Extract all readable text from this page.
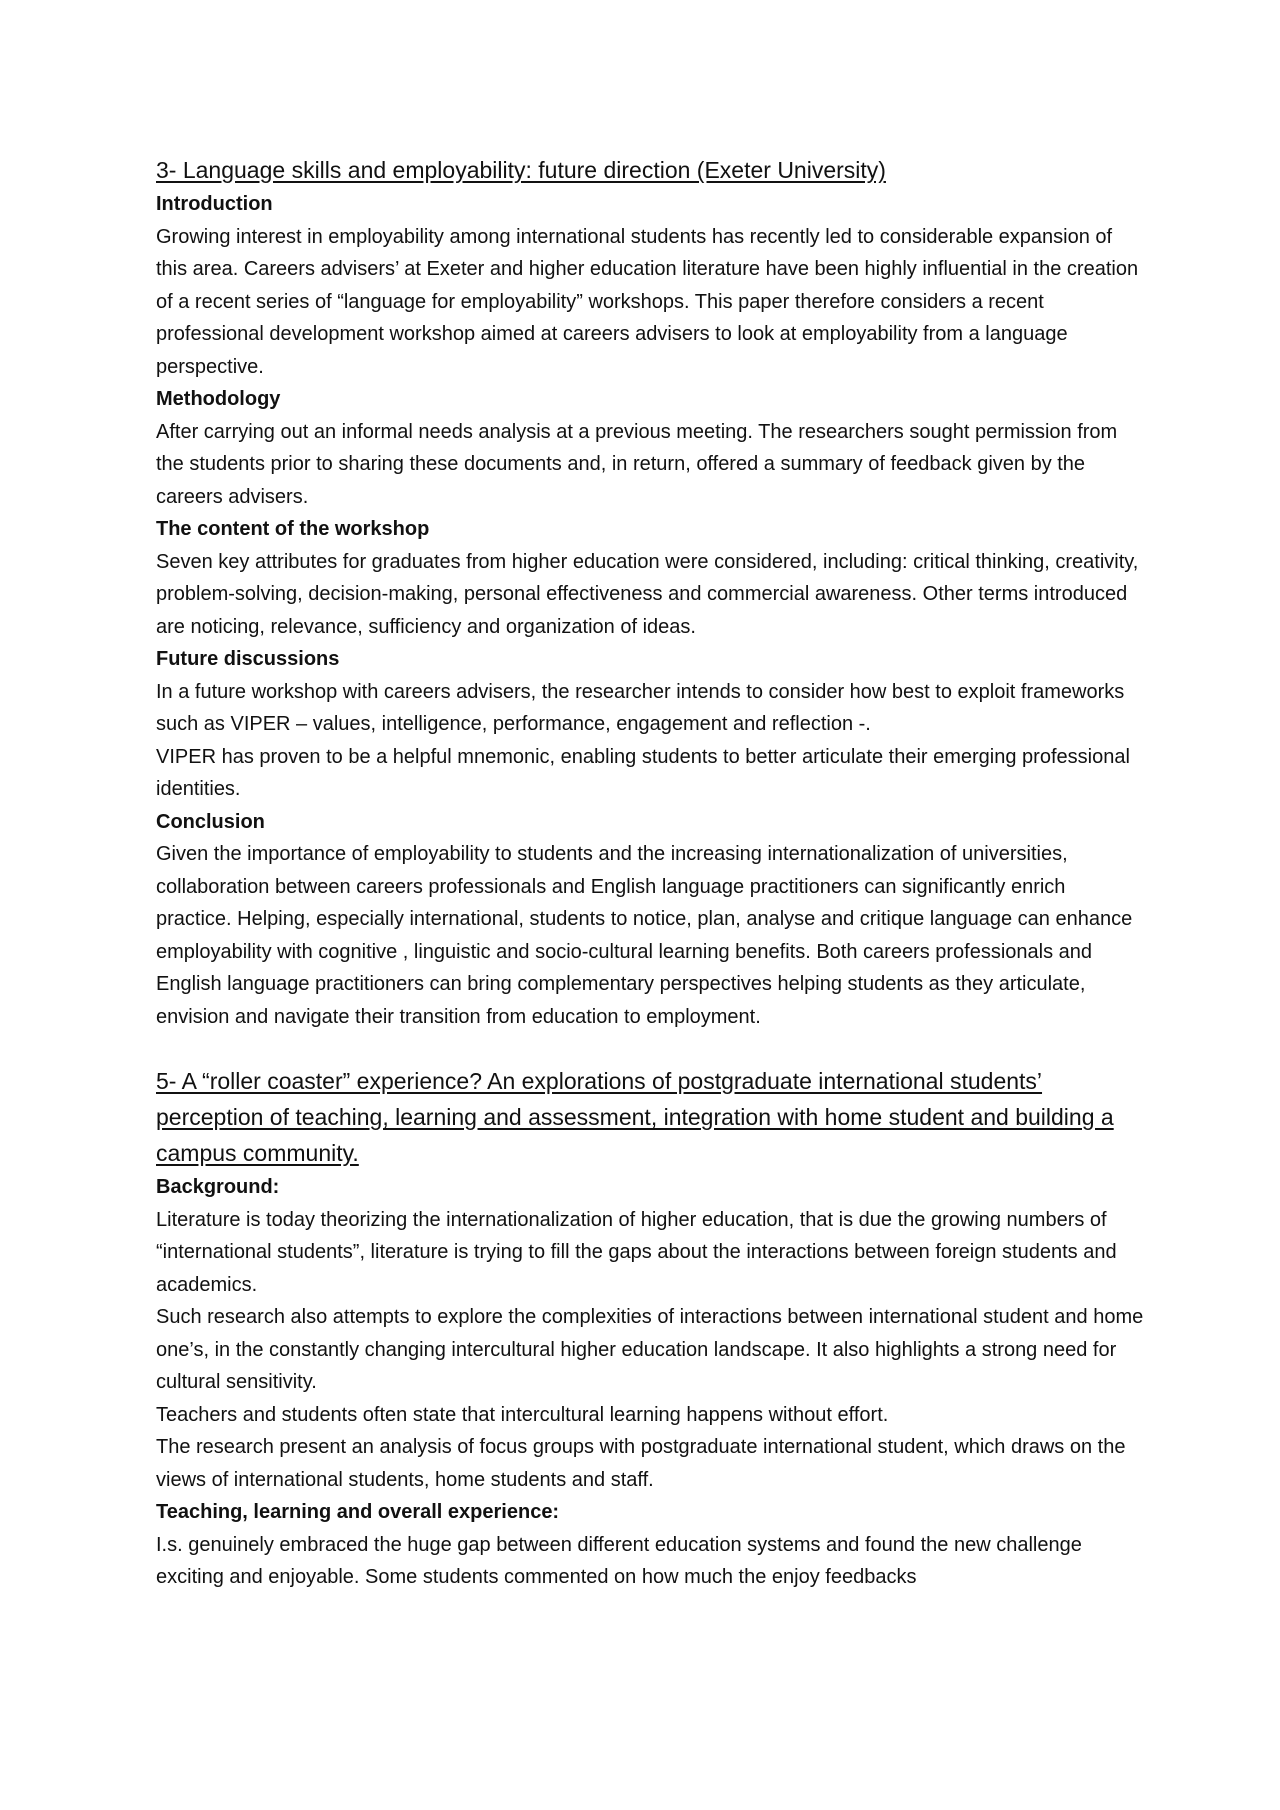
3- Language skills and employability: future direction (Exeter University)

Introduction

Growing interest in employability among international students has recently led to considerable expansion of this area. Careers advisers’ at Exeter and higher education literature have been highly influential in the creation of a recent series of “language for employability” workshops. This paper therefore considers a recent professional development workshop aimed at careers advisers to look at employability from a language perspective.

Methodology

After carrying out an informal needs analysis at a previous meeting. The researchers sought permission from the students prior to sharing these documents and, in return, offered a summary of feedback given by the careers advisers.

The content of the workshop

Seven key attributes for graduates from higher education were considered, including: critical thinking, creativity, problem-solving, decision-making, personal effectiveness and commercial awareness. Other terms introduced are noticing, relevance, sufficiency and organization of ideas.

Future discussions

In a future workshop with careers advisers, the researcher intends to consider how best to exploit frameworks such as VIPER – values, intelligence, performance, engagement and reflection -.

VIPER has proven to be a helpful mnemonic, enabling students to better articulate their emerging professional identities.

Conclusion

Given the importance of employability to students and the increasing internationalization of universities, collaboration between careers professionals and English language practitioners can significantly enrich practice. Helping, especially international, students to notice, plan, analyse and critique language can enhance employability with cognitive , linguistic and socio-cultural learning benefits. Both careers professionals and English language practitioners can bring complementary perspectives helping students as they articulate, envision and navigate their transition from education to employment.

5- A “roller coaster” experience? An explorations of postgraduate international students’ perception of teaching, learning and assessment, integration with home student and building a campus community.

Background:

Literature is today theorizing the internationalization of higher education, that is due the growing numbers of “international students”, literature is trying to fill the gaps about the interactions between foreign students and academics.

Such research also attempts to explore the complexities of interactions between international student and home one’s, in the constantly changing intercultural higher education landscape. It also highlights a strong need for cultural sensitivity.

Teachers and students often state that intercultural learning happens without effort.

The research present an analysis of focus groups with postgraduate international student, which draws on the views of international students, home students and staff.

Teaching, learning and overall experience:

I.s. genuinely embraced the huge gap between different education systems and found the new challenge exciting and enjoyable. Some students commented on how much the enjoy feedbacks
